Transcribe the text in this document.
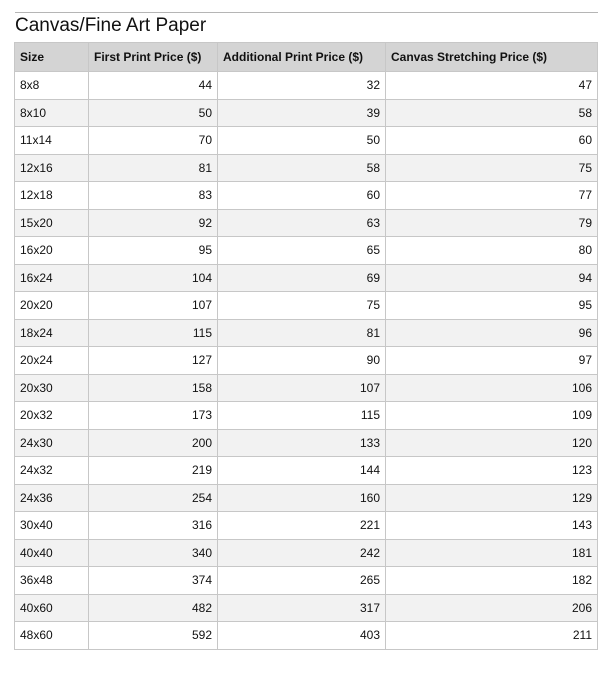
Canvas/Fine Art Paper
Size	First Print Price ($)	Additional Print Price ($)	Canvas Stretching Price ($)
8x8	44	32	47
8x10	50	39	58
11x14	70	50	60
12x16	81	58	75
12x18	83	60	77
15x20	92	63	79
16x20	95	65	80
16x24	104	69	94
20x20	107	75	95
18x24	115	81	96
20x24	127	90	97
20x30	158	107	106
20x32	173	115	109
24x30	200	133	120
24x32	219	144	123
24x36	254	160	129
30x40	316	221	143
40x40	340	242	181
36x48	374	265	182
40x60	482	317	206
48x60	592	403	211
